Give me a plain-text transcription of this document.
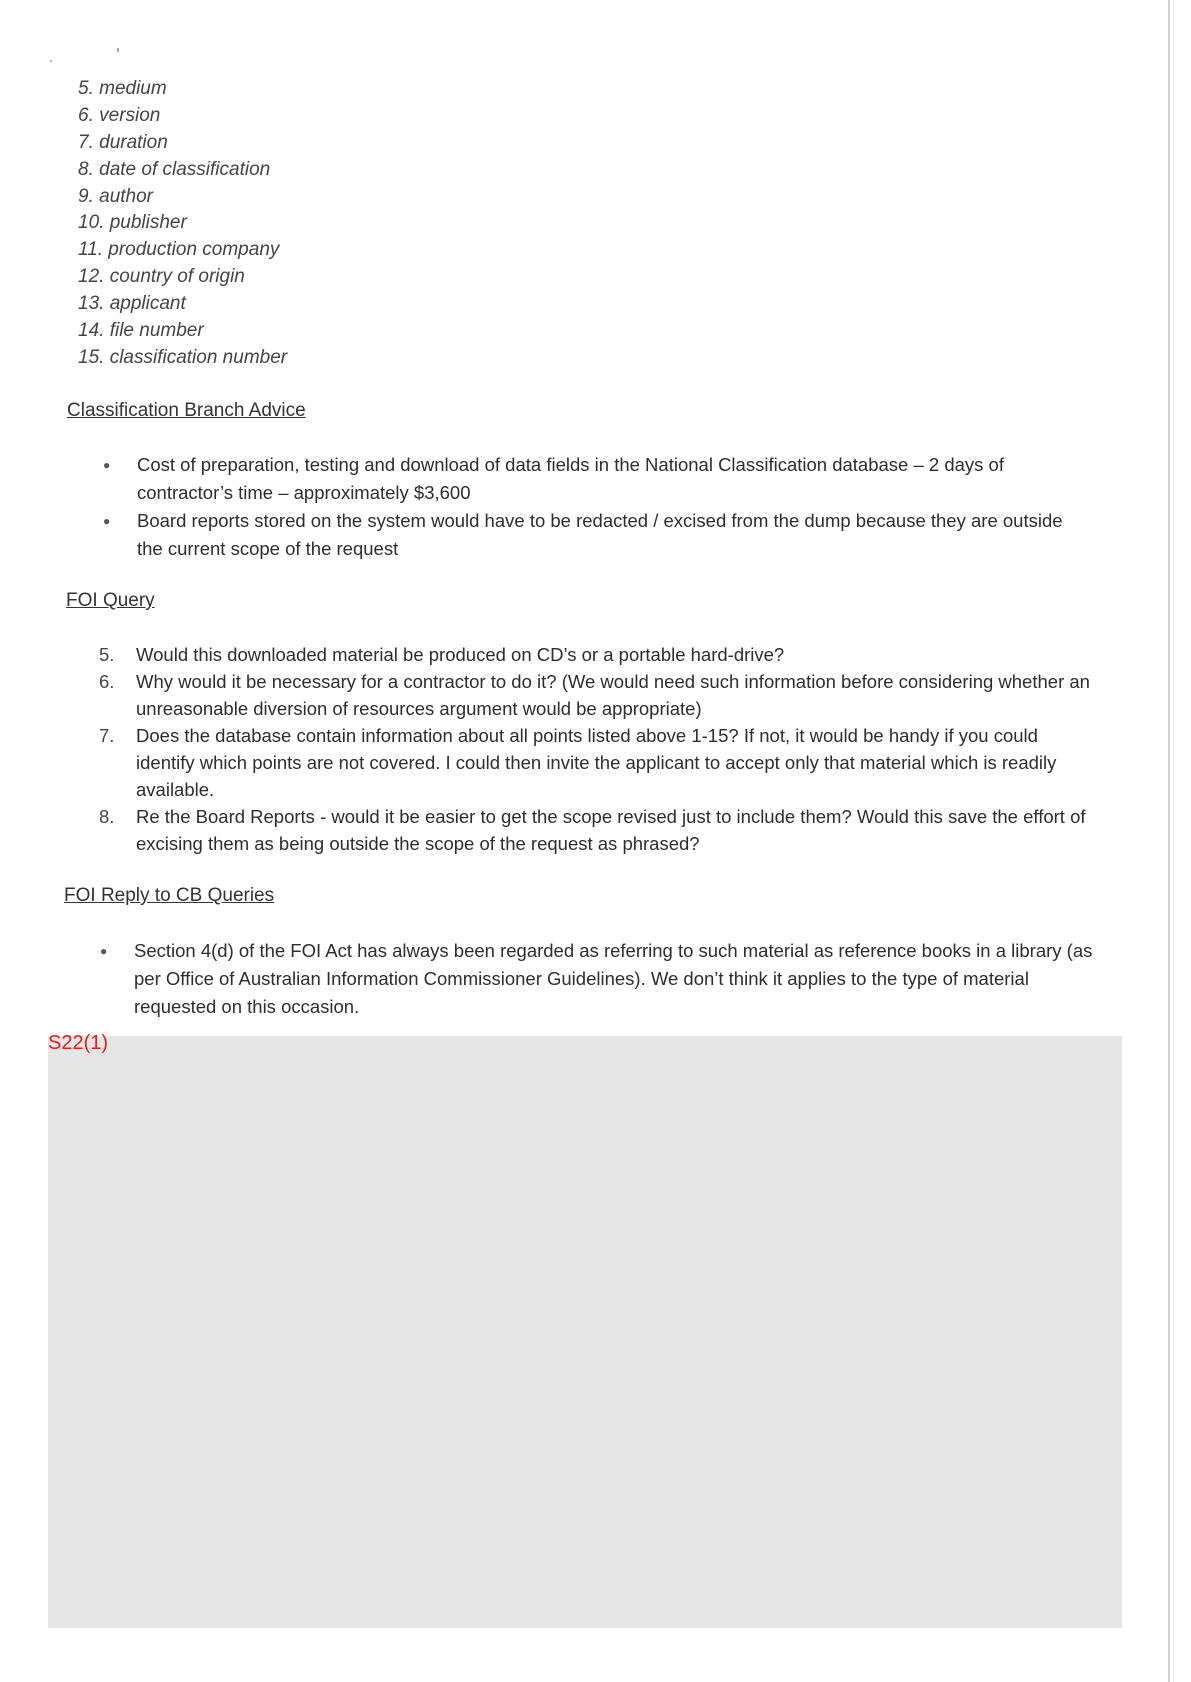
5. medium
6. version
7. duration
8. date of classification
9. author
10. publisher
11. production company
12. country of origin
13. applicant
14. file number
15. classification number
Classification Branch Advice
● Cost of preparation, testing and download of data fields in the National Classification database – 2 days of contractor’s time – approximately $3,600
● Board reports stored on the system would have to be redacted / excised from the dump because they are outside the current scope of the request
FOI Query
5. Would this downloaded material be produced on CD’s or a portable hard-drive?
6. Why would it be necessary for a contractor to do it? (We would need such information before considering whether an unreasonable diversion of resources argument would be appropriate)
7. Does the database contain information about all points listed above 1-15? If not, it would be handy if you could identify which points are not covered. I could then invite the applicant to accept only that material which is readily available.
8. Re the Board Reports - would it be easier to get the scope revised just to include them? Would this save the effort of excising them as being outside the scope of the request as phrased?
FOI Reply to CB Queries
● Section 4(d) of the FOI Act has always been regarded as referring to such material as reference books in a library (as per Office of Australian Information Commissioner Guidelines). We don’t think it applies to the type of material requested on this occasion.
S22(1)
